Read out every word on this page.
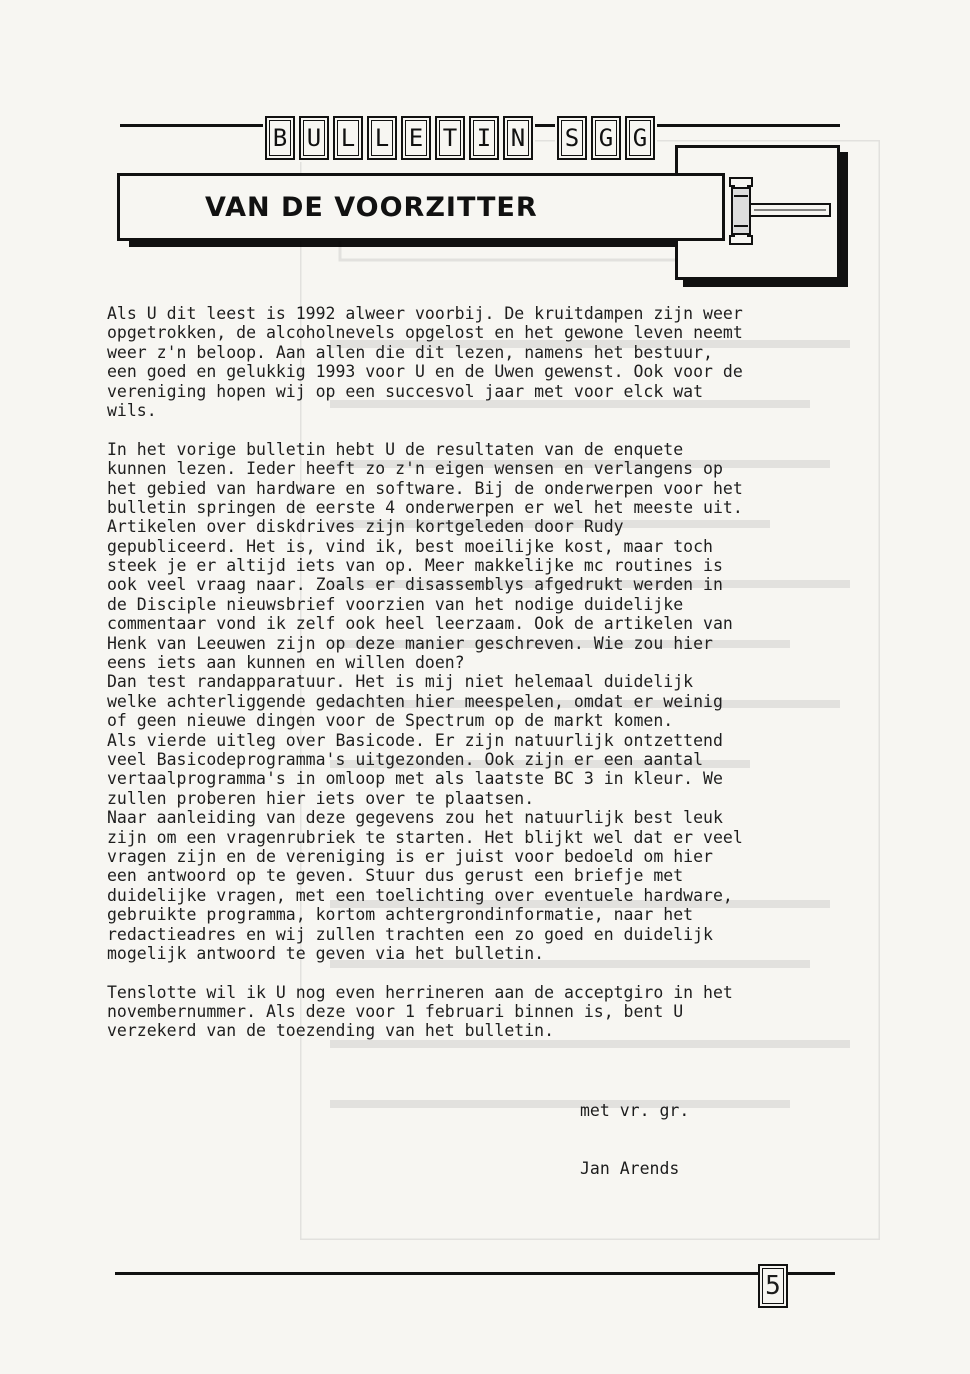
B U L L E T I N	S G G
VAN DE VOORZITTER
Als U dit leest is 1992 alweer voorbij. De kruitdampen zijn weer
opgetrokken, de alcoholnevels opgelost en het gewone leven neemt
weer z'n beloop. Aan allen die dit lezen, namens het bestuur,
een goed en gelukkig 1993 voor U en de Uwen gewenst. Ook voor de
vereniging hopen wij op een succesvol jaar met voor elck wat
wils.
In het vorige bulletin hebt U de resultaten van de enquete
kunnen lezen. Ieder heeft zo z'n eigen wensen en verlangens op
het gebied van hardware en software. Bij de onderwerpen voor het
bulletin springen de eerste 4 onderwerpen er wel het meeste uit.
Artikelen over diskdrives zijn kortgeleden door Rudy
gepubliceerd. Het is, vind ik, best moeilijke kost, maar toch
steek je er altijd iets van op. Meer makkelijke mc routines is
ook veel vraag naar. Zoals er disassemblys afgedrukt werden in
de Disciple nieuwsbrief voorzien van het nodige duidelijke
commentaar vond ik zelf ook heel leerzaam. Ook de artikelen van
Henk van Leeuwen zijn op deze manier geschreven. Wie zou hier
eens iets aan kunnen en willen doen?
Dan test randapparatuur. Het is mij niet helemaal duidelijk
welke achterliggende gedachten hier meespelen, omdat er weinig
of geen nieuwe dingen voor de Spectrum op de markt komen.
Als vierde uitleg over Basicode. Er zijn natuurlijk ontzettend
veel Basicodeprogramma's uitgezonden. Ook zijn er een aantal
vertaalprogramma's in omloop met als laatste BC 3 in kleur. We
zullen proberen hier iets over te plaatsen.
Naar aanleiding van deze gegevens zou het natuurlijk best leuk
zijn om een vragenrubriek te starten. Het blijkt wel dat er veel
vragen zijn en de vereniging is er juist voor bedoeld om hier
een antwoord op te geven. Stuur dus gerust een briefje met
duidelijke vragen, met een toelichting over eventuele hardware,
gebruikte programma, kortom achtergrondinformatie, naar het
redactieadres en wij zullen trachten een zo goed en duidelijk
mogelijk antwoord te geven via het bulletin.
Tenslotte wil ik U nog even herrineren aan de acceptgiro in het
novembernummer. Als deze voor 1 februari binnen is, bent U
verzekerd van de toezending van het bulletin.

met vr. gr.

Jan Arends

5
